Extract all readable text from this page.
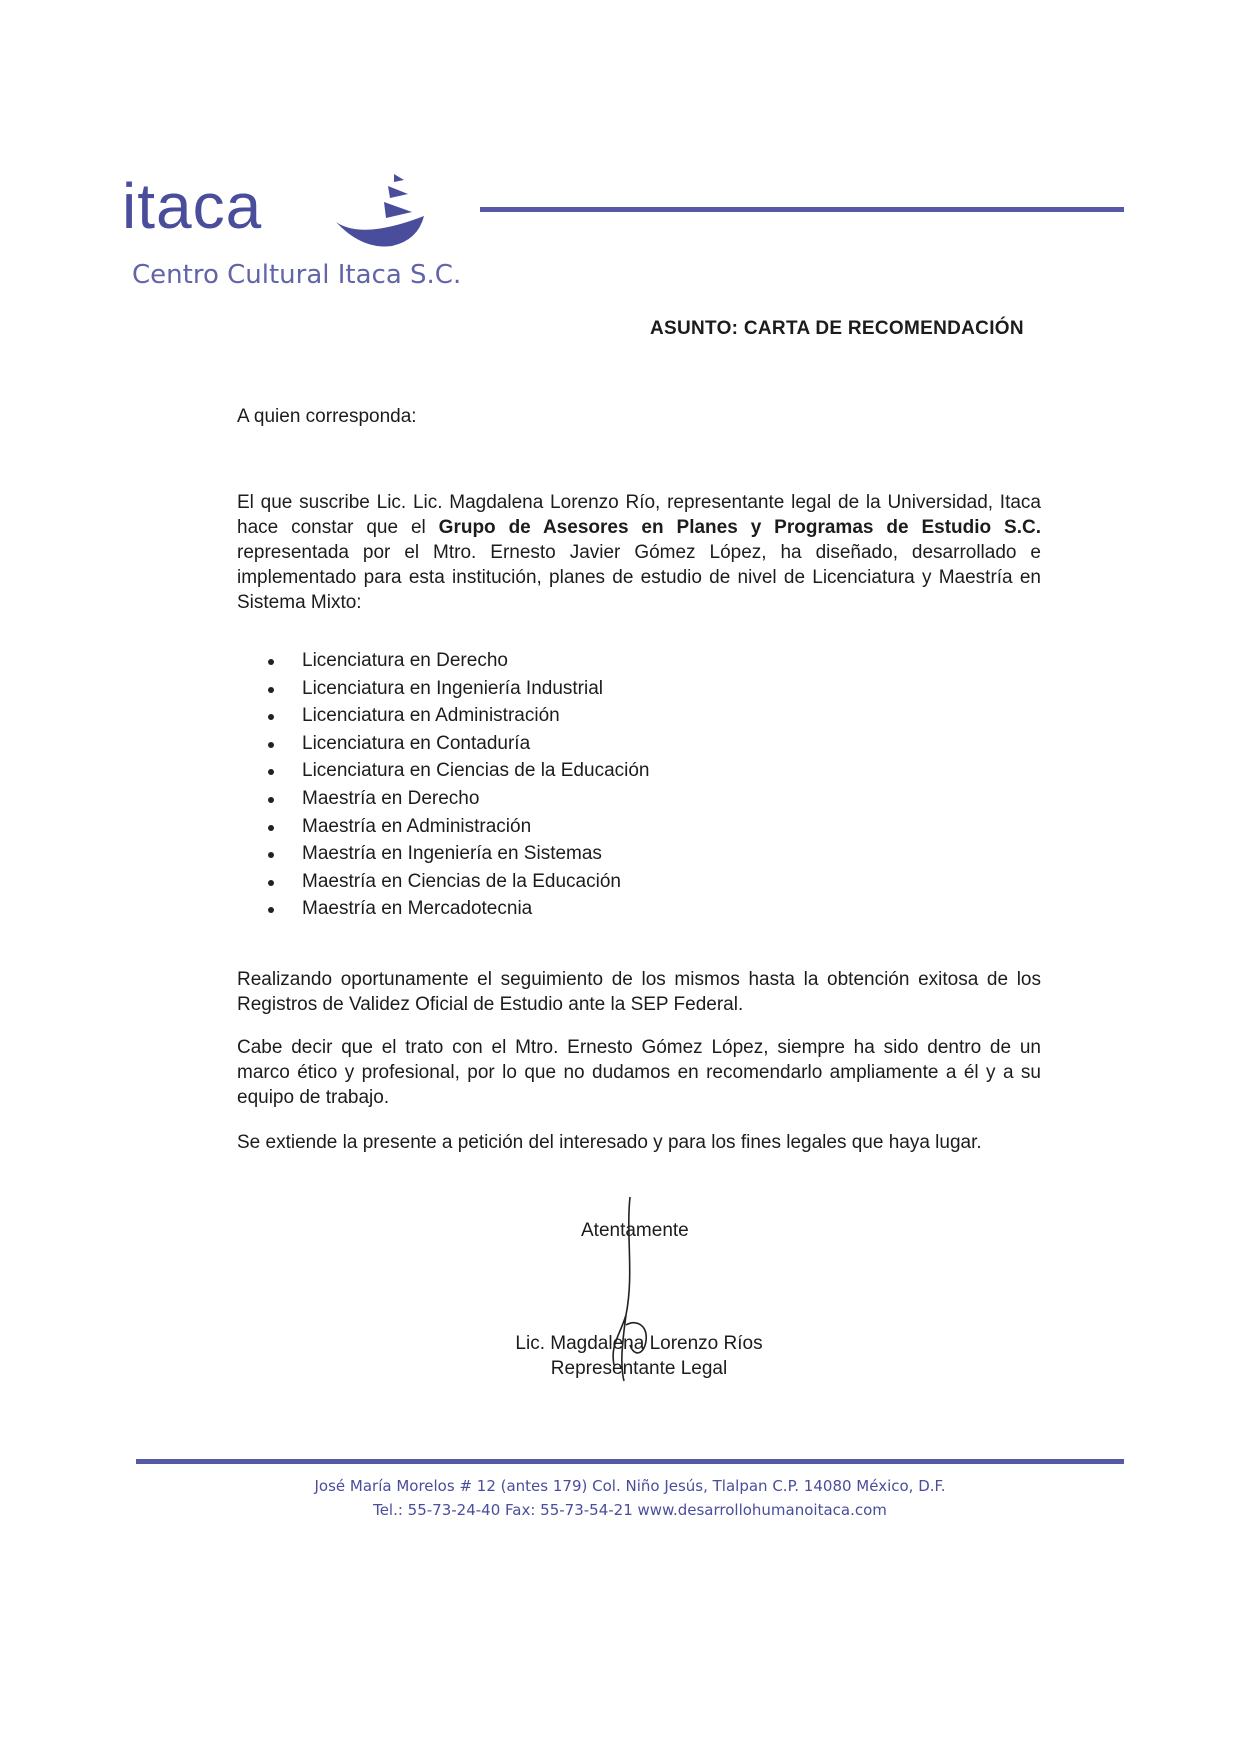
itaca
Centro Cultural Itaca S.C.
ASUNTO: CARTA DE RECOMENDACIÓN
A quien corresponda:

El que suscribe Lic. Lic. Magdalena Lorenzo Río, representante legal de la Universidad, Itaca hace constar que el Grupo de Asesores en Planes y Programas de Estudio S.C. representada por el Mtro. Ernesto Javier Gómez López, ha diseñado, desarrollado e implementado para esta institución, planes de estudio de nivel de Licenciatura y Maestría en Sistema Mixto:

Licenciatura en Derecho
Licenciatura en Ingeniería Industrial
Licenciatura en Administración
Licenciatura en Contaduría
Licenciatura en Ciencias de la Educación
Maestría en Derecho
Maestría en Administración
Maestría en Ingeniería en Sistemas
Maestría en Ciencias de la Educación
Maestría en Mercadotecnia

Realizando oportunamente el seguimiento de los mismos hasta la obtención exitosa de los Registros de Validez Oficial de Estudio ante la SEP Federal.

Cabe decir que el trato con el Mtro. Ernesto Gómez López, siempre ha sido dentro de un marco ético y profesional, por lo que no dudamos en recomendarlo ampliamente a él y a su equipo de trabajo.

Se extiende la presente a petición del interesado y para los fines legales que haya lugar.

Atentamente
Lic. Magdalena Lorenzo Ríos
Representante Legal
José María Morelos # 12 (antes 179) Col. Niño Jesús, Tlalpan C.P. 14080 México, D.F.
Tel.: 55-73-24-40 Fax: 55-73-54-21 www.desarrollohumanoitaca.com
